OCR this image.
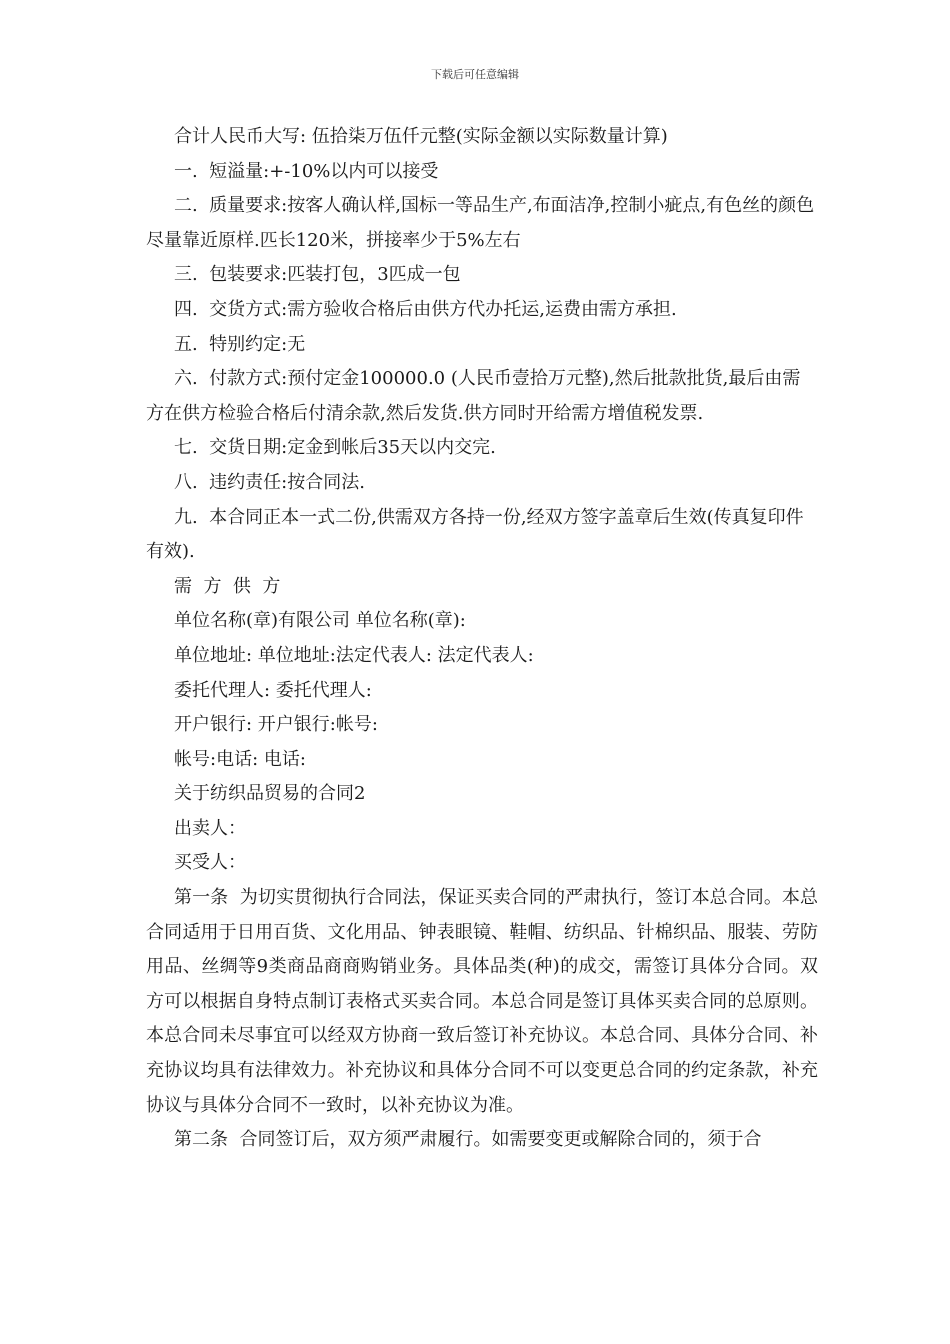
下载后可任意编辑

合计人民币大写: 伍拾柒万伍仟元整(实际金额以实际数量计算)

一.  短溢量:+-10%以内可以接受

二.  质量要求:按客人确认样,国标一等品生产,布面洁净,控制小疵点,有色丝的颜色尽量靠近原样.匹长120米，拼接率少于5%左右

三.  包装要求:匹装打包，3匹成一包

四.  交货方式:需方验收合格后由供方代办托运,运费由需方承担.

五.  特别约定:无

六.  付款方式:预付定金100000.0 (人民币壹拾万元整),然后批款批货,最后由需方在供方检验合格后付清余款,然后发货.供方同时开给需方增值税发票.

七.  交货日期:定金到帐后35天以内交完.

八.  违约责任:按合同法.

九.  本合同正本一式二份,供需双方各持一份,经双方签字盖章后生效(传真复印件有效).

需  方  供  方

单位名称(章)有限公司 单位名称(章):

单位地址: 单位地址:法定代表人: 法定代表人:

委托代理人: 委托代理人:

开户银行: 开户银行:帐号:

帐号:电话: 电话:

关于纺织品贸易的合同2

出卖人：

买受人：

第一条  为切实贯彻执行合同法，保证买卖合同的严肃执行，签订本总合同。本总合同适用于日用百货、文化用品、钟表眼镜、鞋帽、纺织品、针棉织品、服装、劳防用品、丝绸等9类商品商商购销业务。具体品类(种)的成交，需签订具体分合同。双方可以根据自身特点制订表格式买卖合同。本总合同是签订具体买卖合同的总原则。本总合同未尽事宜可以经双方协商一致后签订补充协议。本总合同、具体分合同、补充协议均具有法律效力。补充协议和具体分合同不可以变更总合同的约定条款，补充协议与具体分合同不一致时，以补充协议为准。

第二条  合同签订后，双方须严肃履行。如需要变更或解除合同的，须于合
